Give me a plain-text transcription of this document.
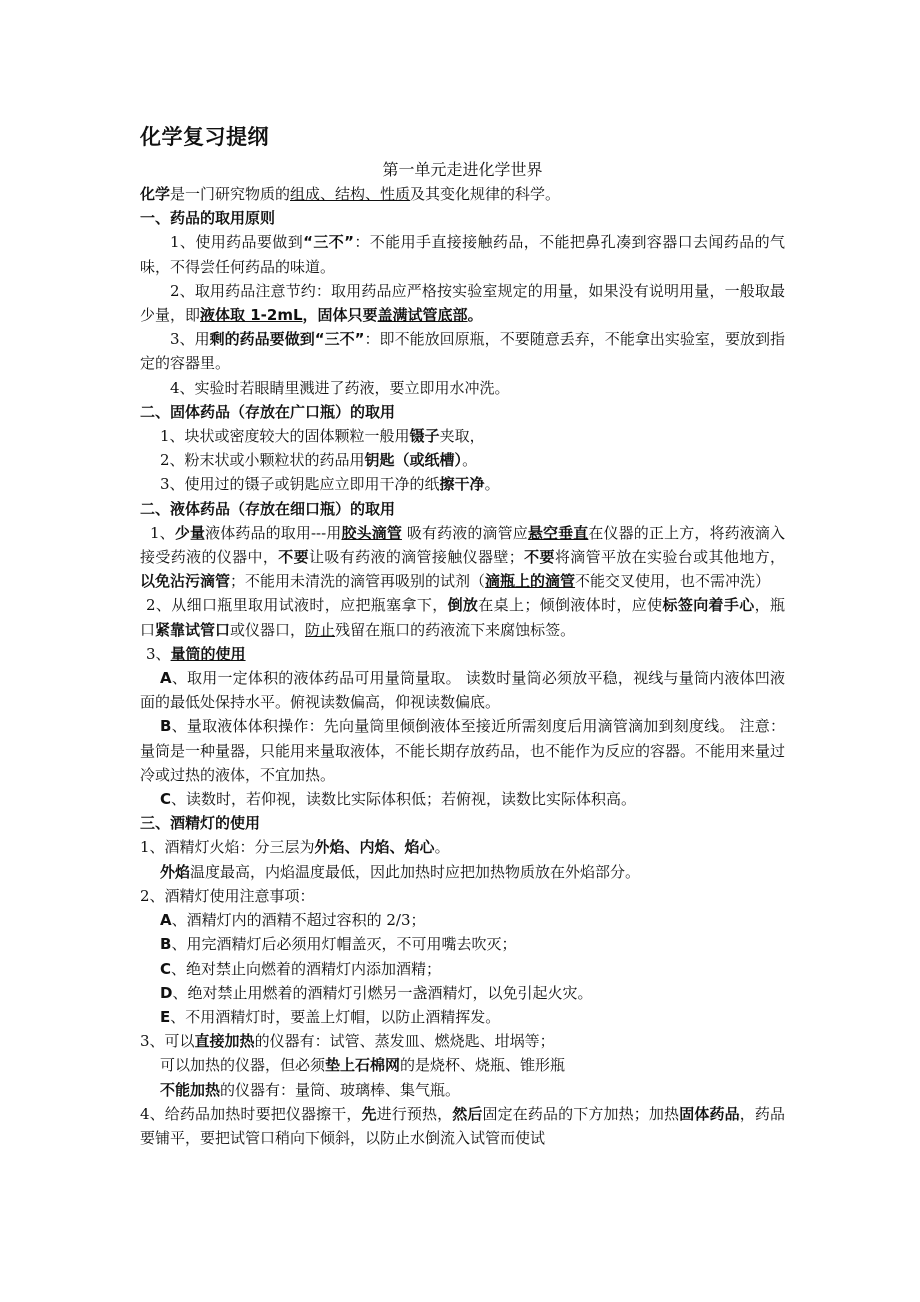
化学复习提纲
第一单元走进化学世界
化学是一门研究物质的组成、结构、性质及其变化规律的科学。
一、药品的取用原则
1、使用药品要做到“三不”：不能用手直接接触药品，不能把鼻孔凑到容器口去闻药品的气味，不得尝任何药品的味道。
2、取用药品注意节约：取用药品应严格按实验室规定的用量，如果没有说明用量，一般取最少量，即液体取 1-2mL，固体只要盖满试管底部。
3、用剩的药品要做到“三不”：即不能放回原瓶，不要随意丢弃，不能拿出实验室，要放到指定的容器里。
4、实验时若眼睛里溅进了药液，要立即用水冲洗。
二、固体药品（存放在广口瓶）的取用
1、块状或密度较大的固体颗粒一般用镊子夹取，
2、粉末状或小颗粒状的药品用钥匙（或纸槽）。
3、使用过的镊子或钥匙应立即用干净的纸擦干净。
二、液体药品（存放在细口瓶）的取用
1、少量液体药品的取用---用胶头滴管 吸有药液的滴管应悬空垂直在仪器的正上方，将药液滴入接受药液的仪器中，不要让吸有药液的滴管接触仪器壁；不要将滴管平放在实验台或其他地方，以免沾污滴管；不能用未清洗的滴管再吸别的试剂（滴瓶上的滴管不能交叉使用，也不需冲洗）
2、从细口瓶里取用试液时，应把瓶塞拿下，倒放在桌上；倾倒液体时，应使标签向着手心，瓶口紧靠试管口或仪器口，防止残留在瓶口的药液流下来腐蚀标签。
3、量筒的使用
A、取用一定体积的液体药品可用量筒量取。 读数时量筒必须放平稳，视线与量筒内液体凹液面的最低处保持水平。俯视读数偏高，仰视读数偏底。
B、量取液体体积操作：先向量筒里倾倒液体至接近所需刻度后用滴管滴加到刻度线。 注意：量筒是一种量器，只能用来量取液体，不能长期存放药品，也不能作为反应的容器。不能用来量过冷或过热的液体，不宜加热。
C、读数时，若仰视，读数比实际体积低；若俯视，读数比实际体积高。
三、酒精灯的使用
1、酒精灯火焰：分三层为外焰、内焰、焰心。
外焰温度最高，内焰温度最低，因此加热时应把加热物质放在外焰部分。
2、酒精灯使用注意事项：
A、酒精灯内的酒精不超过容积的 2/3；
B、用完酒精灯后必须用灯帽盖灭，不可用嘴去吹灭；
C、绝对禁止向燃着的酒精灯内添加酒精；
D、绝对禁止用燃着的酒精灯引燃另一盏酒精灯，以免引起火灾。
E、不用酒精灯时，要盖上灯帽，以防止酒精挥发。
3、可以直接加热的仪器有：试管、蒸发皿、燃烧匙、坩埚等；
可以加热的仪器，但必须垫上石棉网的是烧杯、烧瓶、锥形瓶
不能加热的仪器有：量筒、玻璃棒、集气瓶。
4、给药品加热时要把仪器擦干，先进行预热，然后固定在药品的下方加热；加热固体药品，药品要铺平，要把试管口稍向下倾斜，以防止水倒流入试管而使试
